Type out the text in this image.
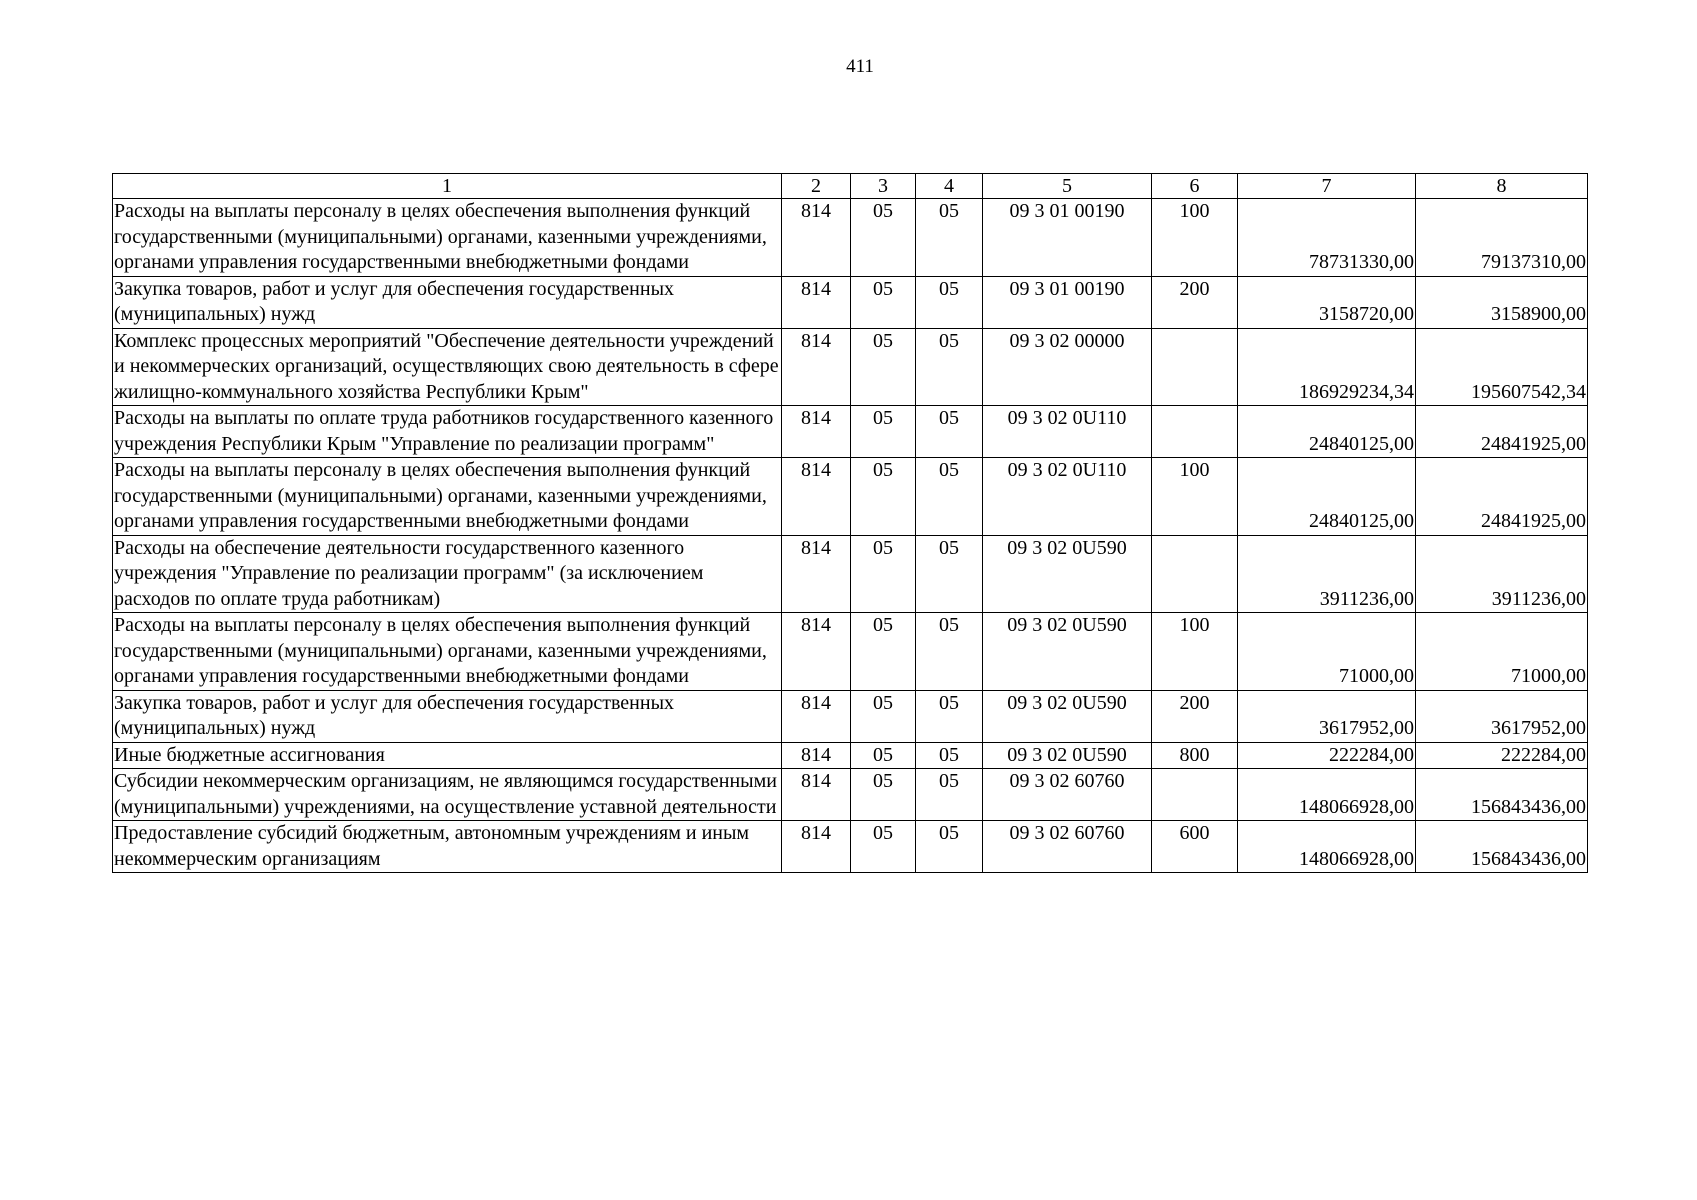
411
1	2	3	4	5	6	7	8
Расходы на выплаты персоналу в целях обеспечения выполнения функций государственными (муниципальными) органами, казенными учреждениями, органами управления государственными внебюджетными фондами	814	05	05	09 3 01 00190	100	78731330,00	79137310,00
Закупка товаров, работ и услуг для обеспечения государственных (муниципальных) нужд	814	05	05	09 3 01 00190	200	3158720,00	3158900,00
Комплекс процессных мероприятий "Обеспечение деятельности учреждений и некоммерческих организаций, осуществляющих свою деятельность в сфере жилищно-коммунального хозяйства Республики Крым"	814	05	05	09 3 02 00000		186929234,34	195607542,34
Расходы на выплаты по оплате труда работников государственного казенного учреждения Республики Крым "Управление по реализации программ"	814	05	05	09 3 02 0U110		24840125,00	24841925,00
Расходы на выплаты персоналу в целях обеспечения выполнения функций государственными (муниципальными) органами, казенными учреждениями, органами управления государственными внебюджетными фондами	814	05	05	09 3 02 0U110	100	24840125,00	24841925,00
Расходы на обеспечение деятельности государственного казенного учреждения "Управление по реализации программ" (за исключением расходов по оплате труда работникам)	814	05	05	09 3 02 0U590		3911236,00	3911236,00
Расходы на выплаты персоналу в целях обеспечения выполнения функций государственными (муниципальными) органами, казенными учреждениями, органами управления государственными внебюджетными фондами	814	05	05	09 3 02 0U590	100	71000,00	71000,00
Закупка товаров, работ и услуг для обеспечения государственных (муниципальных) нужд	814	05	05	09 3 02 0U590	200	3617952,00	3617952,00
Иные бюджетные ассигнования	814	05	05	09 3 02 0U590	800	222284,00	222284,00
Субсидии некоммерческим организациям, не являющимся государственными (муниципальными) учреждениями, на осуществление уставной деятельности	814	05	05	09 3 02 60760		148066928,00	156843436,00
Предоставление субсидий бюджетным, автономным учреждениям и иным некоммерческим организациям	814	05	05	09 3 02 60760	600	148066928,00	156843436,00
